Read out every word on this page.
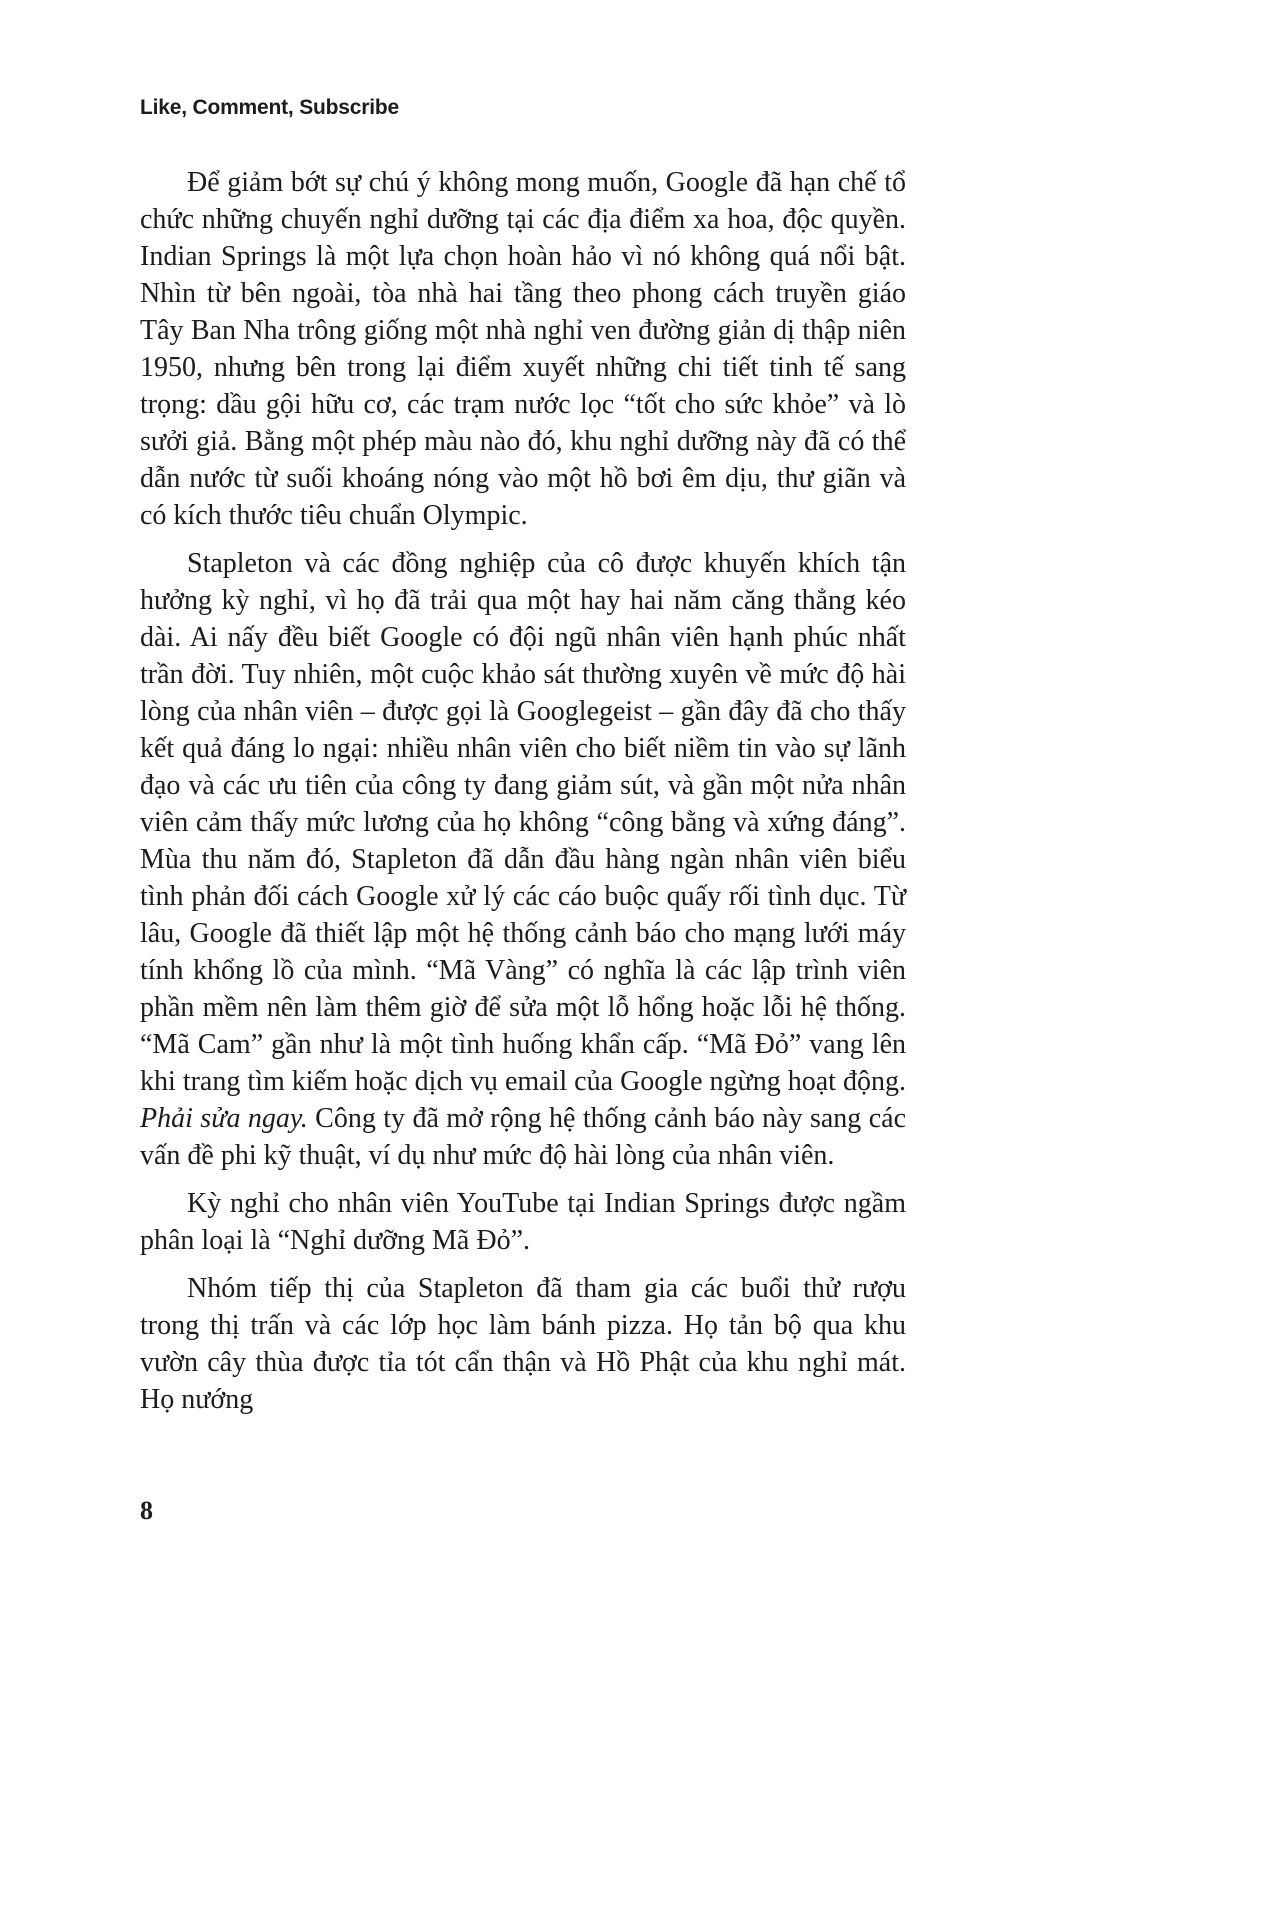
Like, Comment, Subscribe

Để giảm bớt sự chú ý không mong muốn, Google đã hạn chế tổ chức những chuyến nghỉ dưỡng tại các địa điểm xa hoa, độc quyền. Indian Springs là một lựa chọn hoàn hảo vì nó không quá nổi bật. Nhìn từ bên ngoài, tòa nhà hai tầng theo phong cách truyền giáo Tây Ban Nha trông giống một nhà nghỉ ven đường giản dị thập niên 1950, nhưng bên trong lại điểm xuyết những chi tiết tinh tế sang trọng: dầu gội hữu cơ, các trạm nước lọc “tốt cho sức khỏe” và lò sưởi giả. Bằng một phép màu nào đó, khu nghỉ dưỡng này đã có thể dẫn nước từ suối khoáng nóng vào một hồ bơi êm dịu, thư giãn và có kích thước tiêu chuẩn Olympic.

Stapleton và các đồng nghiệp của cô được khuyến khích tận hưởng kỳ nghỉ, vì họ đã trải qua một hay hai năm căng thẳng kéo dài. Ai nấy đều biết Google có đội ngũ nhân viên hạnh phúc nhất trần đời. Tuy nhiên, một cuộc khảo sát thường xuyên về mức độ hài lòng của nhân viên – được gọi là Googlegeist – gần đây đã cho thấy kết quả đáng lo ngại: nhiều nhân viên cho biết niềm tin vào sự lãnh đạo và các ưu tiên của công ty đang giảm sút, và gần một nửa nhân viên cảm thấy mức lương của họ không “công bằng và xứng đáng”. Mùa thu năm đó, Stapleton đã dẫn đầu hàng ngàn nhân viên biểu tình phản đối cách Google xử lý các cáo buộc quấy rối tình dục. Từ lâu, Google đã thiết lập một hệ thống cảnh báo cho mạng lưới máy tính khổng lồ của mình. “Mã Vàng” có nghĩa là các lập trình viên phần mềm nên làm thêm giờ để sửa một lỗ hổng hoặc lỗi hệ thống. “Mã Cam” gần như là một tình huống khẩn cấp. “Mã Đỏ” vang lên khi trang tìm kiếm hoặc dịch vụ email của Google ngừng hoạt động. Phải sửa ngay. Công ty đã mở rộng hệ thống cảnh báo này sang các vấn đề phi kỹ thuật, ví dụ như mức độ hài lòng của nhân viên.

Kỳ nghỉ cho nhân viên YouTube tại Indian Springs được ngầm phân loại là “Nghỉ dưỡng Mã Đỏ”.

Nhóm tiếp thị của Stapleton đã tham gia các buổi thử rượu trong thị trấn và các lớp học làm bánh pizza. Họ tản bộ qua khu vườn cây thùa được tỉa tót cẩn thận và Hồ Phật của khu nghỉ mát. Họ nướng

8
